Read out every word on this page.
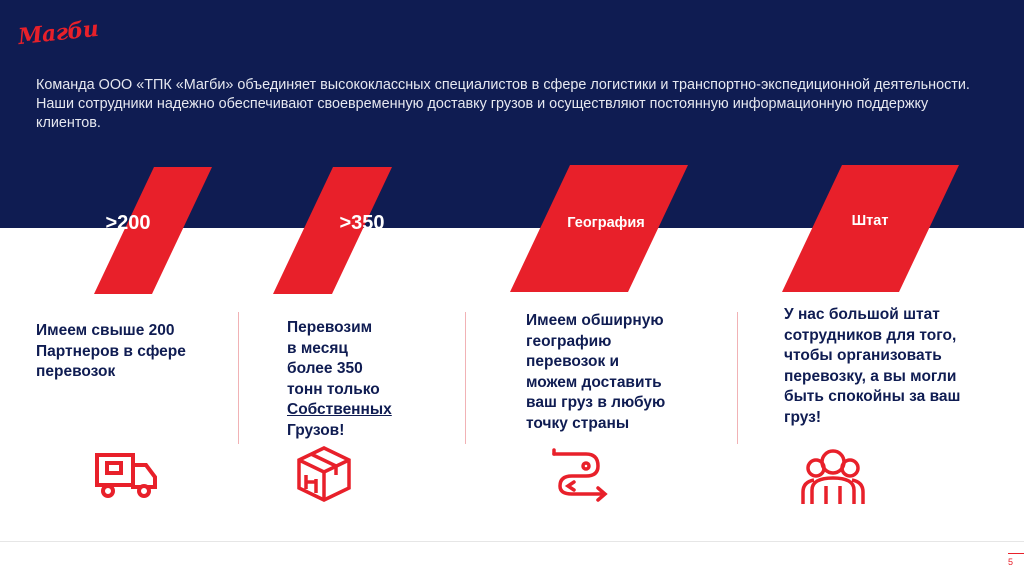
Магби
Команда ООО «ТПК «Магби» объединяет высококлассных специалистов в сфере логистики и транспортно-экспедиционной деятельности. Наши сотрудники надежно обеспечивают своевременную доставку грузов и осуществляют постоянную информационную поддержку клиентов.
>200	>350	География	Штат
Имеем свыше 200
Партнеров в сфере
перевозок
Перевозим
в месяц
более 350
тонн только
Собственных
Грузов!
Имеем обширную
географию
перевозок и
можем доставить
ваш груз в любую
точку страны
У нас большой штат
сотрудников для того,
чтобы организовать
перевозку, а вы могли
быть спокойны за ваш
груз!
5
